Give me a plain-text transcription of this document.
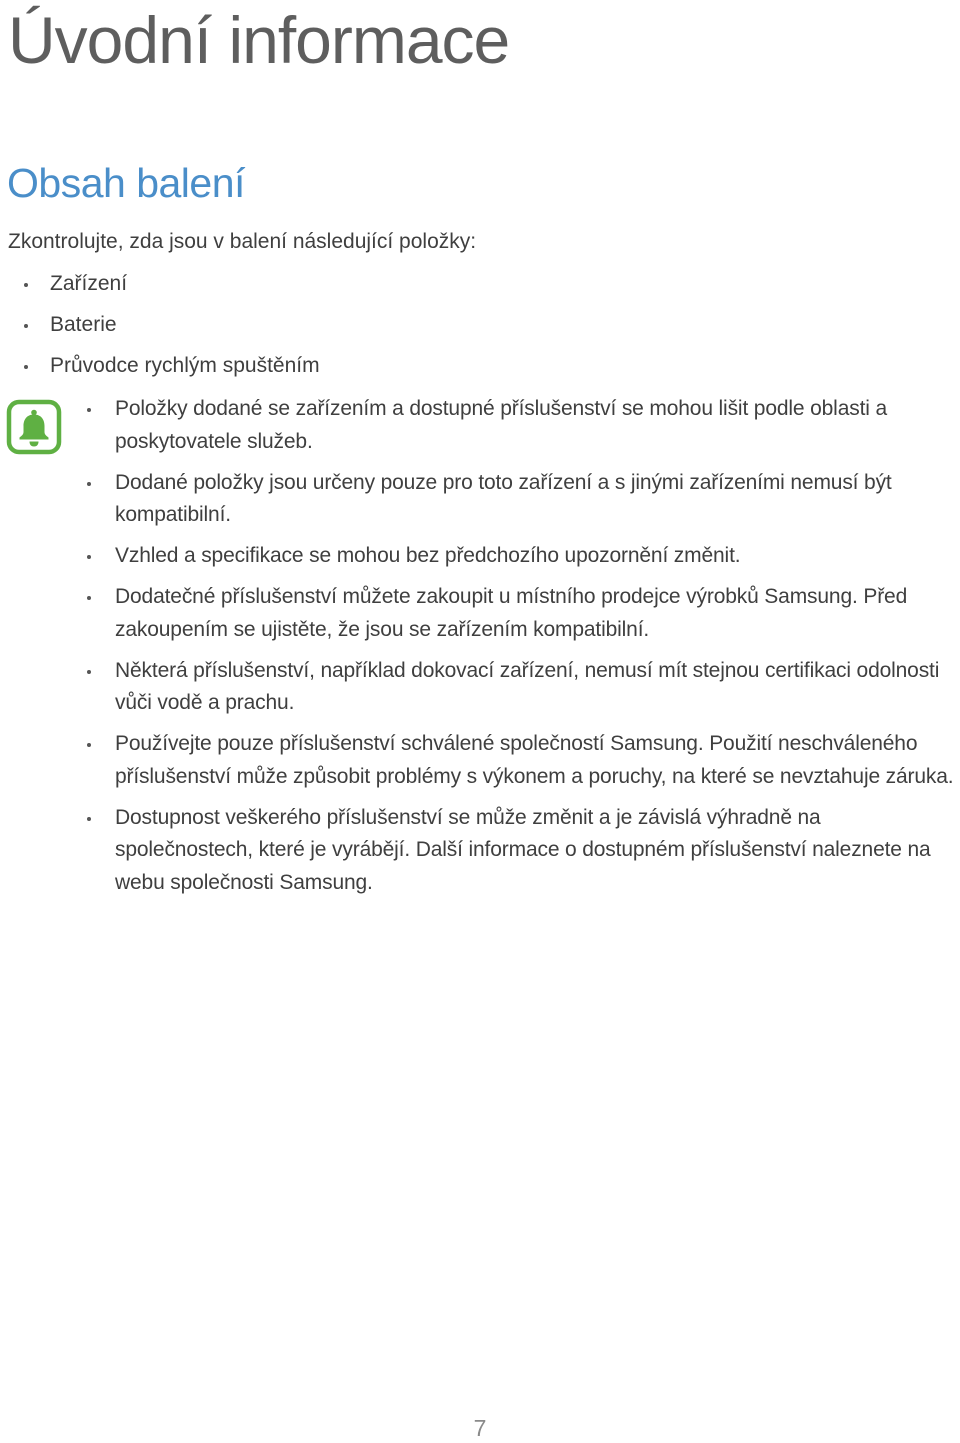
Úvodní informace
Obsah balení

Zkontrolujte, zda jsou v balení následující položky:

Zařízení
Baterie
Průvodce rychlým spuštěním
Položky dodané se zařízením a dostupné příslušenství se mohou lišit podle oblasti a poskytovatele služeb.
Dodané položky jsou určeny pouze pro toto zařízení a s jinými zařízeními nemusí být kompatibilní.
Vzhled a specifikace se mohou bez předchozího upozornění změnit.
Dodatečné příslušenství můžete zakoupit u místního prodejce výrobků Samsung. Před zakoupením se ujistěte, že jsou se zařízením kompatibilní.
Některá příslušenství, například dokovací zařízení, nemusí mít stejnou certifikaci odolnosti vůči vodě a prachu.
Používejte pouze příslušenství schválené společností Samsung. Použití neschváleného příslušenství může způsobit problémy s výkonem a poruchy, na které se nevztahuje záruka.
Dostupnost veškerého příslušenství se může změnit a je závislá výhradně na společnostech, které je vyrábějí. Další informace o dostupném příslušenství naleznete na webu společnosti Samsung.
7
